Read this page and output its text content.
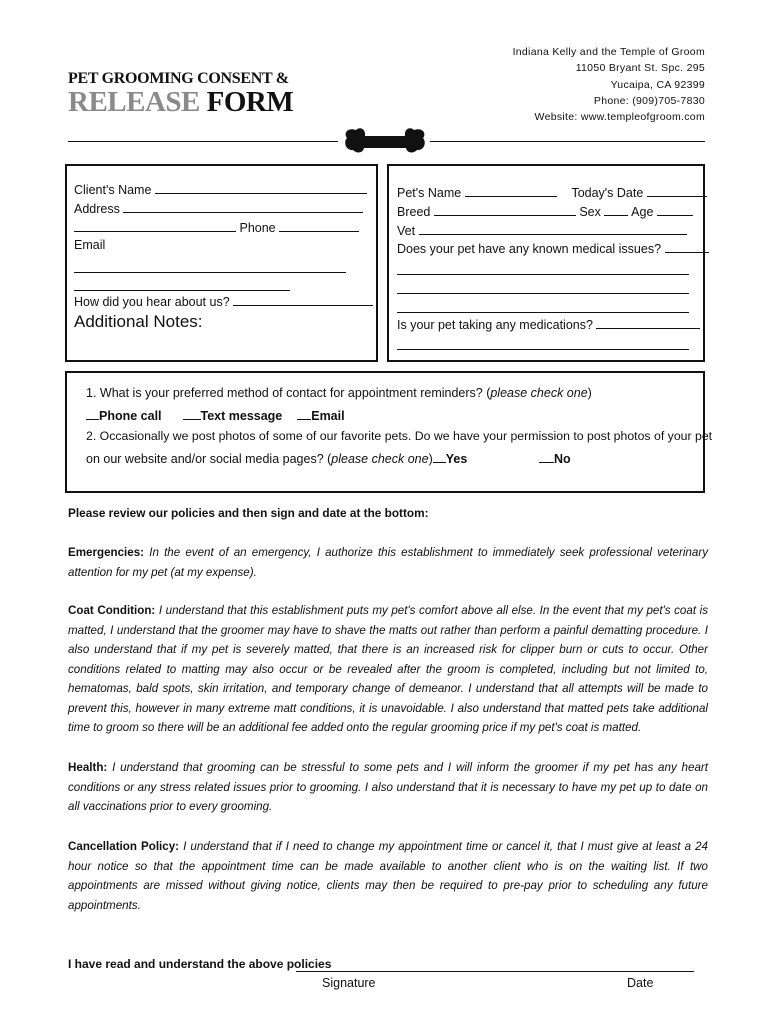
PET GROOMING CONSENT &
RELEASE FORM
Indiana Kelly and the Temple of Groom
11050 Bryant St. Spc. 295
Yucaipa, CA 92399
Phone: (909)705-7830
Website: www.templeofgroom.com
Client's Name
Address
Phone
Email
How did you hear about us?
Additional Notes:
Pet's Name	Today's Date
Breed	Sex Age
Vet
Does your pet have any known medical issues?
Is your pet taking any medications?
1. What is your preferred method of contact for appointment reminders? (please check one)
Phone call	Text message Email
2. Occasionally we post photos of some of our favorite pets. Do we have your permission to post photos of your pet
on our website and/or social media pages? (please check one) Yes	No
Please review our policies and then sign and date at the bottom:
Emergencies: In the event of an emergency, I authorize this establishment to immediately seek professional veterinary attention for my pet (at my expense).
Coat Condition: I understand that this establishment puts my pet's comfort above all else. In the event that my pet's coat is matted, I understand that the groomer may have to shave the matts out rather than perform a painful dematting procedure. I also understand that if my pet is severely matted, that there is an increased risk for clipper burn or cuts to occur. Other conditions related to matting may also occur or be revealed after the groom is completed, including but not limited to, hematomas, bald spots, skin irritation, and temporary change of demeanor. I understand that all attempts will be made to prevent this, however in many extreme matt conditions, it is unavoidable. I also understand that matted pets take additional time to groom so there will be an additional fee added onto the regular grooming price if my pet's coat is matted.
Health: I understand that grooming can be stressful to some pets and I will inform the groomer if my pet has any heart conditions or any stress related issues prior to grooming. I also understand that it is necessary to have my pet up to date on all vaccinations prior to every grooming.
Cancellation Policy: I understand that if I need to change my appointment time or cancel it, that I must give at least a 24 hour notice so that the appointment time can be made available to another client who is on the waiting list. If two appointments are missed without giving notice, clients may then be required to pre-pay prior to scheduling any future appointments.
I have read and understand the above policies
Signature	Date
